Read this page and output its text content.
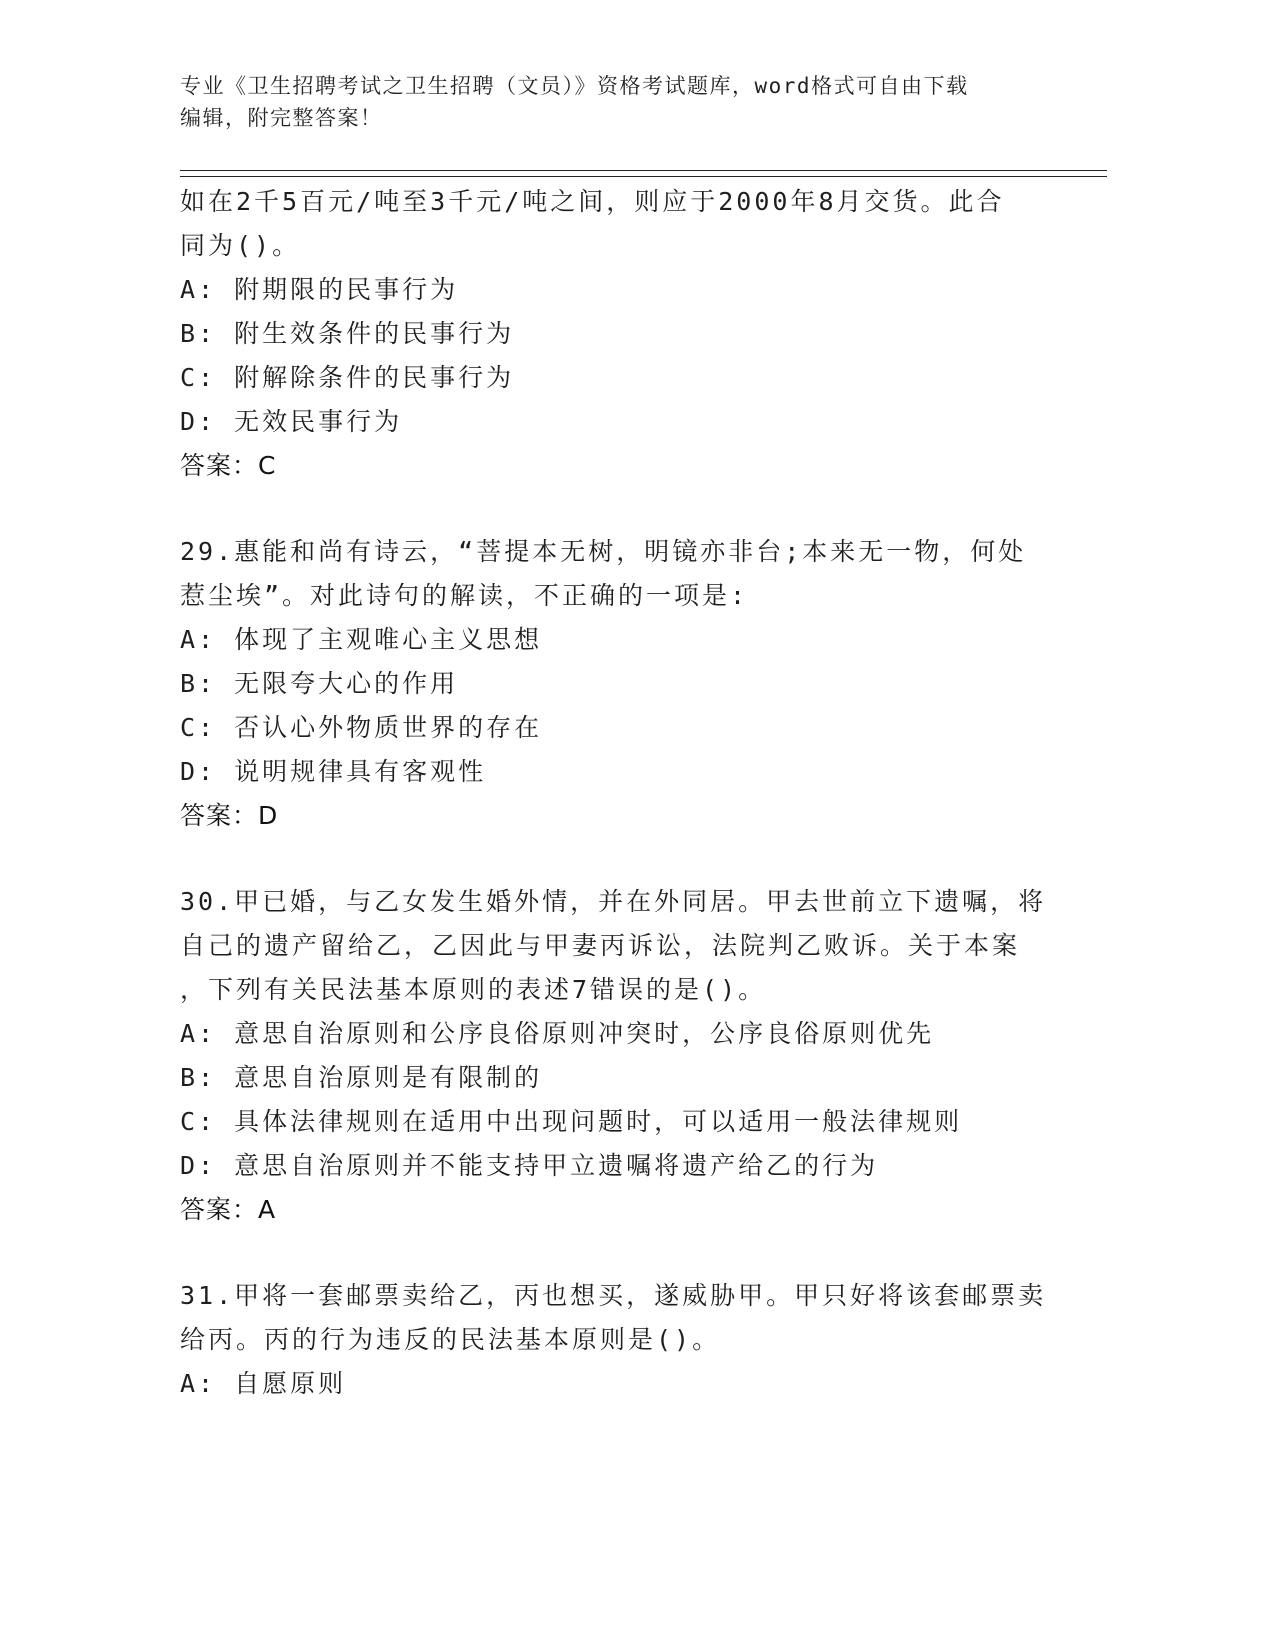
专业《卫生招聘考试之卫生招聘（文员）》资格考试题库，word格式可自由下载
编辑，附完整答案！
如在2千5百元/吨至3千元/吨之间，则应于2000年8月交货。此合
同为()。
A: 附期限的民事行为
B: 附生效条件的民事行为
C: 附解除条件的民事行为
D: 无效民事行为
答案：C
29.惠能和尚有诗云，“菩提本无树，明镜亦非台;本来无一物，何处
惹尘埃”。对此诗句的解读，不正确的一项是:
A: 体现了主观唯心主义思想
B: 无限夸大心的作用
C: 否认心外物质世界的存在
D: 说明规律具有客观性
答案：D
30.甲已婚，与乙女发生婚外情，并在外同居。甲去世前立下遗嘱，将
自己的遗产留给乙，乙因此与甲妻丙诉讼，法院判乙败诉。关于本案
，下列有关民法基本原则的表述7错误的是()。
A: 意思自治原则和公序良俗原则冲突时，公序良俗原则优先
B: 意思自治原则是有限制的
C: 具体法律规则在适用中出现问题时，可以适用一般法律规则
D: 意思自治原则并不能支持甲立遗嘱将遗产给乙的行为
答案：A
31.甲将一套邮票卖给乙，丙也想买，遂威胁甲。甲只好将该套邮票卖
给丙。丙的行为违反的民法基本原则是()。
A: 自愿原则
